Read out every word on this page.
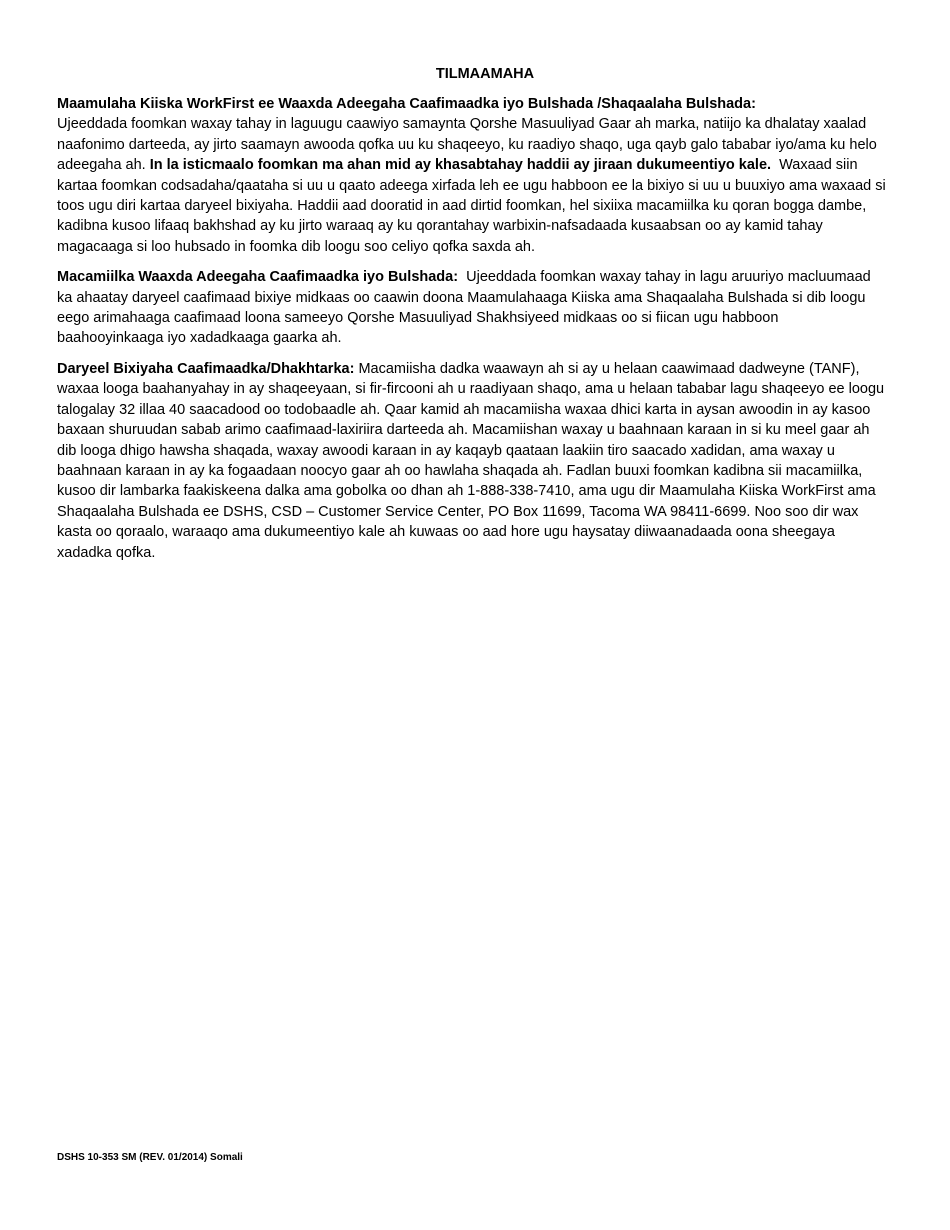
TILMAAMAHA

Maamulaha Kiiska WorkFirst ee Waaxda Adeegaha Caafimaadka iyo Bulshada /Shaqaalaha Bulshada:
Ujeeddada foomkan waxay tahay in laguugu caawiyo samaynta Qorshe Masuuliyad Gaar ah marka, natiijo ka dhalatay xaalad naafonimo darteeda, ay jirto saamayn awooda qofka uu ku shaqeeyo, ku raadiyo shaqo, uga qayb galo tababar iyo/ama ku helo adeegaha ah. In la isticmaalo foomkan ma ahan mid ay khasabtahay haddii ay jiraan dukumeentiyo kale. Waxaad siin kartaa foomkan codsadaha/qaataha si uu u qaato adeega xirfada leh ee ugu habboon ee la bixiyo si uu u buuxiyo ama waxaad si toos ugu diri kartaa daryeel bixiyaha. Haddii aad dooratid in aad dirtid foomkan, hel sixiixa macamiilka ku qoran bogga dambe, kadibna kusoo lifaaq bakhshad ay ku jirto waraaq ay ku qorantahay warbixin-nafsadaada kusaabsan oo ay kamid tahay magacaaga si loo hubsado in foomka dib loogu soo celiyo qofka saxda ah.

Macamiilka Waaxda Adeegaha Caafimaadka iyo Bulshada: Ujeeddada foomkan waxay tahay in lagu aruuriyo macluumaad ka ahaatay daryeel caafimaad bixiye midkaas oo caawin doona Maamulahaaga Kiiska ama Shaqaalaha Bulshada si dib loogu eego arimahaaga caafimaad loona sameeyo Qorshe Masuuliyad Shakhsiyeed midkaas oo si fiican ugu habboon baahooyinkaaga iyo xadadkaaga gaarka ah.

Daryeel Bixiyaha Caafimaadka/Dhakhtarka: Macamiisha dadka waawayn ah si ay u helaan caawimaad dadweyne (TANF), waxaa looga baahanyahay in ay shaqeeyaan, si fir-fircooni ah u raadiyaan shaqo, ama u helaan tababar lagu shaqeeyo ee loogu talogalay 32 illaa 40 saacadood oo todobaadle ah. Qaar kamid ah macamiisha waxaa dhici karta in aysan awoodin in ay kasoo baxaan shuruudan sabab arimo caafimaad-laxiriira darteeda ah. Macamiishan waxay u baahnaan karaan in si ku meel gaar ah dib looga dhigo hawsha shaqada, waxay awoodi karaan in ay kaqayb qaataan laakiin tiro saacado xadidan, ama waxay u baahnaan karaan in ay ka fogaadaan noocyo gaar ah oo hawlaha shaqada ah. Fadlan buuxi foomkan kadibna sii macamiilka, kusoo dir lambarka faakiskeena dalka ama gobolka oo dhan ah 1-888-338-7410, ama ugu dir Maamulaha Kiiska WorkFirst ama Shaqaalaha Bulshada ee DSHS, CSD – Customer Service Center, PO Box 11699, Tacoma WA 98411-6699. Noo soo dir wax kasta oo qoraalo, waraaqo ama dukumeentiyo kale ah kuwaas oo aad hore ugu haysatay diiwaanadaada oona sheegaya xadadka qofka.

DSHS 10-353 SM (REV. 01/2014) Somali
